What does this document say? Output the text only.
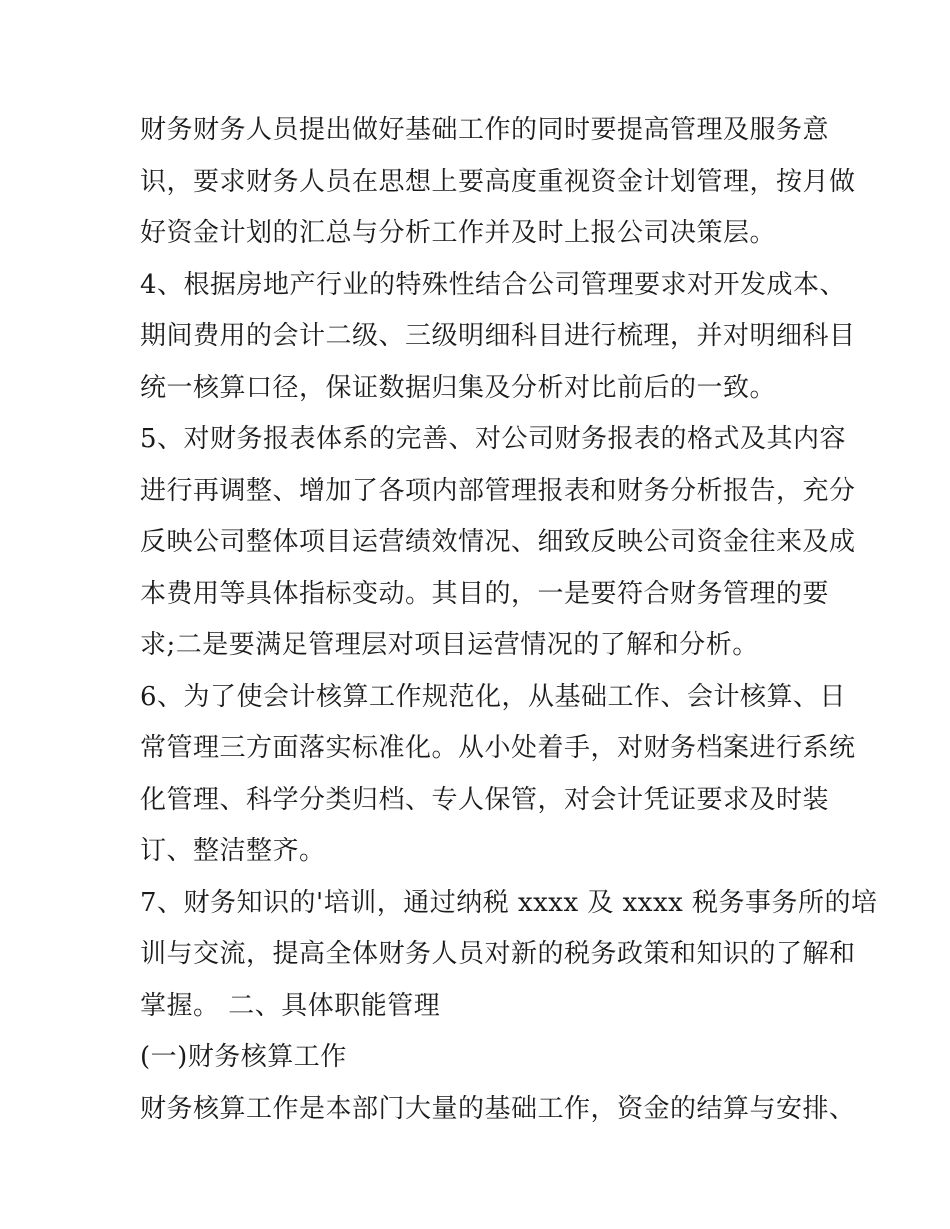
财务财务人员提出做好基础工作的同时要提高管理及服务意
识，要求财务人员在思想上要高度重视资金计划管理，按月做
好资金计划的汇总与分析工作并及时上报公司决策层。
4、根据房地产行业的特殊性结合公司管理要求对开发成本、
期间费用的会计二级、三级明细科目进行梳理，并对明细科目
统一核算口径，保证数据归集及分析对比前后的一致。
5、对财务报表体系的完善、对公司财务报表的格式及其内容
进行再调整、增加了各项内部管理报表和财务分析报告，充分
反映公司整体项目运营绩效情况、细致反映公司资金往来及成
本费用等具体指标变动。其目的，一是要符合财务管理的要
求;二是要满足管理层对项目运营情况的了解和分析。
6、为了使会计核算工作规范化，从基础工作、会计核算、日
常管理三方面落实标准化。从小处着手，对财务档案进行系统
化管理、科学分类归档、专人保管，对会计凭证要求及时装
订、整洁整齐。
7、财务知识的'培训，通过纳税 xxxx 及 xxxx 税务事务所的培
训与交流，提高全体财务人员对新的税务政策和知识的了解和
掌握。 二、具体职能管理
(一)财务核算工作
财务核算工作是本部门大量的基础工作，资金的结算与安排、
